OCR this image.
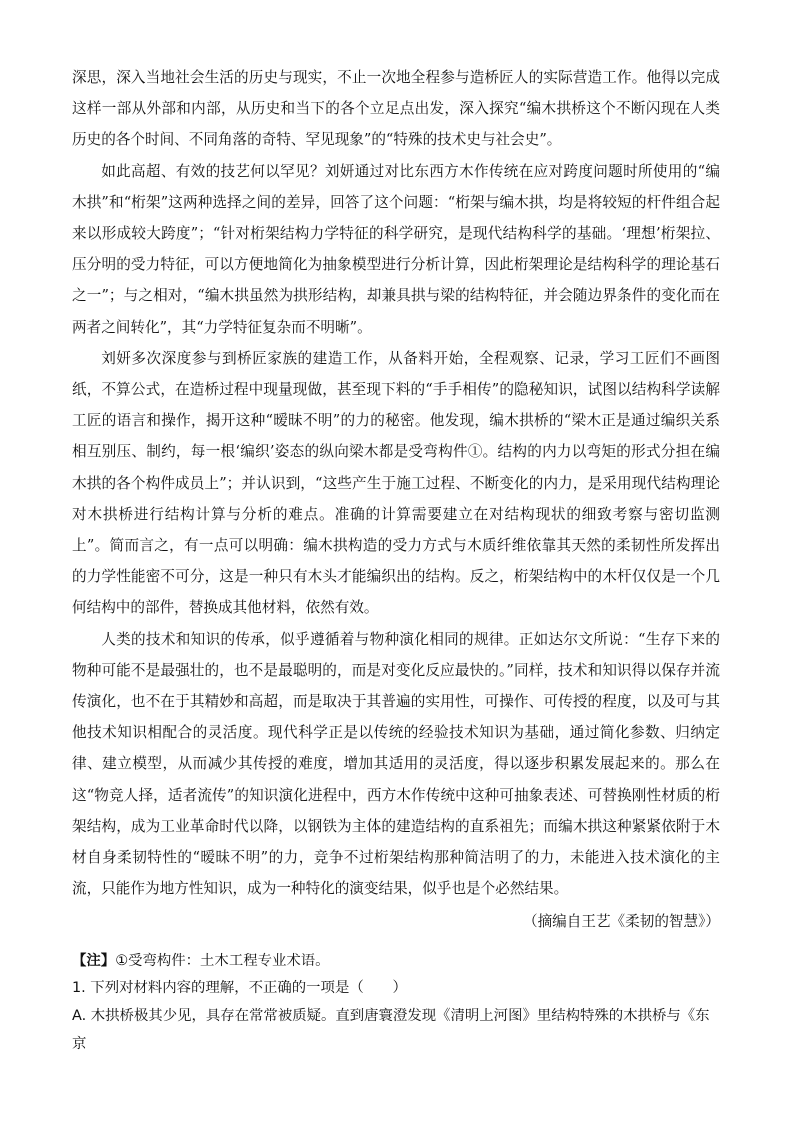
深思，深入当地社会生活的历史与现实，不止一次地全程参与造桥匠人的实际营造工作。他得以完成这样一部从外部和内部，从历史和当下的各个立足点出发，深入探究“编木拱桥这个不断闪现在人类历史的各个时间、不同角落的奇特、罕见现象”的“特殊的技术史与社会史”。

如此高超、有效的技艺何以罕见？刘妍通过对比东西方木作传统在应对跨度问题时所使用的“编木拱”和“桁架”这两种选择之间的差异，回答了这个问题：“桁架与编木拱，均是将较短的杆件组合起来以形成较大跨度”；“针对桁架结构力学特征的科学研究，是现代结构科学的基础。‘理想’桁架拉、压分明的受力特征，可以方便地简化为抽象模型进行分析计算，因此桁架理论是结构科学的理论基石之一”；与之相对，“编木拱虽然为拱形结构，却兼具拱与梁的结构特征，并会随边界条件的变化而在两者之间转化”，其“力学特征复杂而不明晰”。

刘妍多次深度参与到桥匠家族的建造工作，从备料开始，全程观察、记录，学习工匠们不画图纸，不算公式，在造桥过程中现量现做，甚至现下料的“手手相传”的隐秘知识，试图以结构科学读解工匠的语言和操作，揭开这种“暧昧不明”的力的秘密。他发现，编木拱桥的“梁木正是通过编织关系相互别压、制约，每一根‘编织’姿态的纵向梁木都是受弯构件①。结构的内力以弯矩的形式分担在编木拱的各个构件成员上”；并认识到，“这些产生于施工过程、不断变化的内力，是采用现代结构理论对木拱桥进行结构计算与分析的难点。准确的计算需要建立在对结构现状的细致考察与密切监测上”。简而言之，有一点可以明确：编木拱构造的受力方式与木质纤维依靠其天然的柔韧性所发挥出的力学性能密不可分，这是一种只有木头才能编织出的结构。反之，桁架结构中的木杆仅仅是一个几何结构中的部件，替换成其他材料，依然有效。

人类的技术和知识的传承，似乎遵循着与物种演化相同的规律。正如达尔文所说：“生存下来的物种可能不是最强壮的，也不是最聪明的，而是对变化反应最快的。”同样，技术和知识得以保存并流传演化，也不在于其精妙和高超，而是取决于其普遍的实用性，可操作、可传授的程度，以及可与其他技术知识相配合的灵活度。现代科学正是以传统的经验技术知识为基础，通过简化参数、归纳定律、建立模型，从而减少其传授的难度，增加其适用的灵活度，得以逐步积累发展起来的。那么在这“物竞人择，适者流传”的知识演化进程中，西方木作传统中这种可抽象表述、可替换刚性材质的桁架结构，成为工业革命时代以降，以钢铁为主体的建造结构的直系祖先；而编木拱这种紧紧依附于木材自身柔韧特性的“暧昧不明”的力，竞争不过桁架结构那种简洁明了的力，未能进入技术演化的主流，只能作为地方性知识，成为一种特化的演变结果，似乎也是个必然结果。

（摘编自王艺《柔韧的智慧》）

【注】①受弯构件：土木工程专业术语。

1. 下列对材料内容的理解，不正确的一项是（　　）

A. 木拱桥极其少见，具存在常常被质疑。直到唐寰澄发现《清明上河图》里结构特殊的木拱桥与《东京
